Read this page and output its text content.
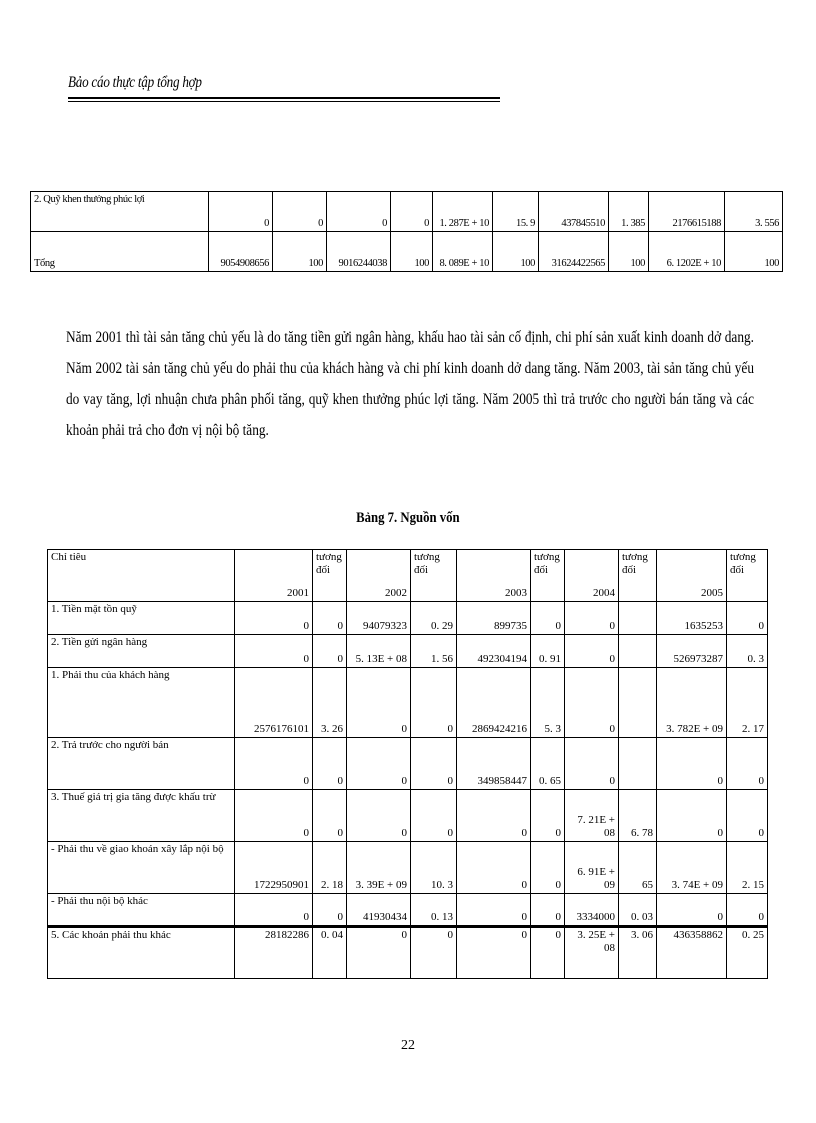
Bảo cáo thực tập tổng hợp
2. Quỹ khen thưởng phúc lợi	0	0	0	0	1. 287E + 10	15. 9	437845510	1. 385	2176615188	3. 556
Tổng	9054908656	100	9016244038	100	8. 089E + 10	100	31624422565	100	6. 1202E + 10	100
Năm 2001 thì tài sản tăng chủ yếu là do tăng tiền gửi ngân hàng, khấu hao tài sản cố định, chi phí sản xuất kinh doanh dở dang. Năm 2002 tài sản tăng chủ yếu do phải thu của khách hàng và chi phí kinh doanh dở dang tăng. Năm 2003, tài sản tăng chủ yếu do vay tăng, lợi nhuận chưa phân phối tăng, quỹ khen thưởng phúc lợi tăng. Năm 2005 thì trả trước cho người bán tăng và các khoản phải trả cho đơn vị nội bộ tăng.
Bảng 7. Nguồn vốn
Chỉ tiêu	2001	tương đối	2002	tương đối	2003	tương đối	2004	tương đối	2005	tương đối
1. Tiền mặt tồn quỹ	0	0	94079323	0. 29	899735	0	0		1635253	0
2. Tiền gửi ngân hàng	0	0	5. 13E + 08	1. 56	492304194	0. 91	0		526973287	0. 3
1. Phải thu của khách hàng	2576176101	3. 26	0	0	2869424216	5. 3	0		3. 782E + 09	2. 17
2. Trả trước cho người bán	0	0	0	0	349858447	0. 65	0		0	0
3. Thuế giá trị gia tăng được khấu trừ	0	0	0	0	0	0	7. 21E + 08	6. 78	0	0
- Phải thu về giao khoán xây lắp nội bộ	1722950901	2. 18	3. 39E + 09	10. 3	0	0	6. 91E + 09	65	3. 74E + 09	2. 15
- Phải thu nội bộ khác	0	0	41930434	0. 13	0	0	3334000	0. 03	0	0
5. Các khoản phải thu khác	28182286	0. 04	0	0	0	0	3. 25E + 08	3. 06	436358862	0. 25
22
